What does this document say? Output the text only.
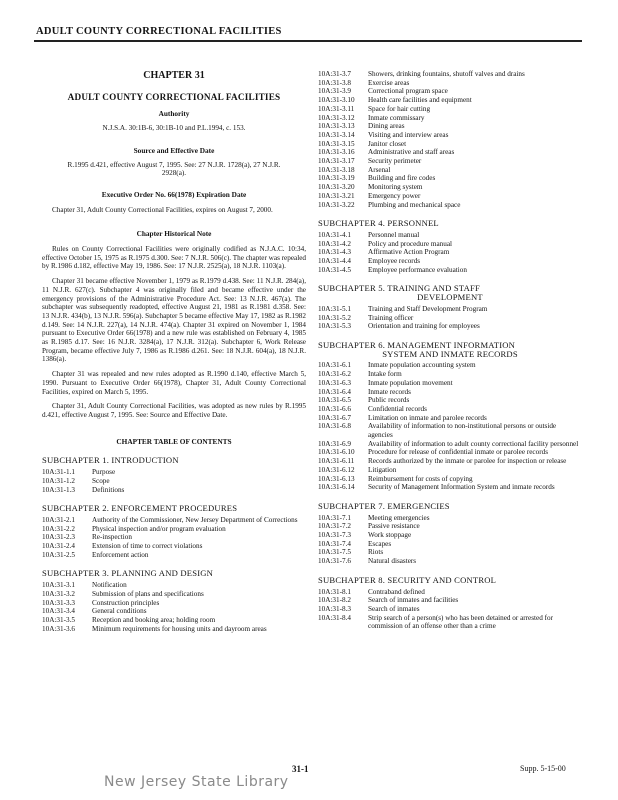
ADULT COUNTY CORRECTIONAL FACILITIES
CHAPTER 31
ADULT COUNTY CORRECTIONAL FACILITIES
Authority
N.J.S.A. 30:1B-6, 30:1B-10 and P.L.1994, c. 153.
Source and Effective Date
R.1995 d.421, effective August 7, 1995. See: 27 N.J.R. 1728(a), 27 N.J.R. 2928(a).
Executive Order No. 66(1978) Expiration Date
Chapter 31, Adult County Correctional Facilities, expires on August 7, 2000.
Chapter Historical Note
Rules on County Correctional Facilities were originally codified as N.J.A.C. 10:34, effective October 15, 1975 as R.1975 d.300. See: 7 N.J.R. 506(c). The chapter was repealed by R.1986 d.182, effective May 19, 1986. See: 17 N.J.R. 2525(a), 18 N.J.R. 1103(a).
Chapter 31 became effective November 1, 1979 as R.1979 d.438. See: 11 N.J.R. 284(a), 11 N.J.R. 627(c). Subchapter 4 was originally filed and became effective under the emergency provisions of the Administrative Procedure Act. See: 13 N.J.R. 467(a). The subchapter was subsequently readopted, effective August 21, 1981 as R.1981 d.358. See: 13 N.J.R. 434(b), 13 N.J.R. 596(a). Subchapter 5 became effective May 17, 1982 as R.1982 d.149. See: 14 N.J.R. 227(a), 14 N.J.R. 474(a). Chapter 31 expired on November 1, 1984 pursuant to Executive Order 66(1978) and a new rule was established on February 4, 1985 as R.1985 d.17. See: 16 N.J.R. 3284(a), 17 N.J.R. 312(a). Subchapter 6, Work Release Program, became effective July 7, 1986 as R.1986 d.261. See: 18 N.J.R. 604(a), 18 N.J.R. 1386(a).
Chapter 31 was repealed and new rules adopted as R.1990 d.140, effective March 5, 1990. Pursuant to Executive Order 66(1978), Chapter 31, Adult County Correctional Facilities, expired on March 5, 1995.
Chapter 31, Adult County Correctional Facilities, was adopted as new rules by R.1995 d.421, effective August 7, 1995. See: Source and Effective Date.
CHAPTER TABLE OF CONTENTS
SUBCHAPTER 1. INTRODUCTION
10A:31-1.1	Purpose
10A:31-1.2	Scope
10A:31-1.3	Definitions
SUBCHAPTER 2. ENFORCEMENT PROCEDURES
10A:31-2.1	Authority of the Commissioner, New Jersey Department of Corrections
10A:31-2.2	Physical inspection and/or program evaluation
10A:31-2.3	Re-inspection
10A:31-2.4	Extension of time to correct violations
10A:31-2.5	Enforcement action
SUBCHAPTER 3. PLANNING AND DESIGN
10A:31-3.1	Notification
10A:31-3.2	Submission of plans and specifications
10A:31-3.3	Construction principles
10A:31-3.4	General conditions
10A:31-3.5	Reception and booking area; holding room
10A:31-3.6	Minimum requirements for housing units and dayroom areas
10A:31-3.7	Showers, drinking fountains, shutoff valves and drains
10A:31-3.8	Exercise areas
10A:31-3.9	Correctional program space
10A:31-3.10	Health care facilities and equipment
10A:31-3.11	Space for hair cutting
10A:31-3.12	Inmate commissary
10A:31-3.13	Dining areas
10A:31-3.14	Visiting and interview areas
10A:31-3.15	Janitor closet
10A:31-3.16	Administrative and staff areas
10A:31-3.17	Security perimeter
10A:31-3.18	Arsenal
10A:31-3.19	Building and fire codes
10A:31-3.20	Monitoring system
10A:31-3.21	Emergency power
10A:31-3.22	Plumbing and mechanical space
SUBCHAPTER 4. PERSONNEL
10A:31-4.1	Personnel manual
10A:31-4.2	Policy and procedure manual
10A:31-4.3	Affirmative Action Program
10A:31-4.4	Employee records
10A:31-4.5	Employee performance evaluation
SUBCHAPTER 5. TRAINING AND STAFF
DEVELOPMENT
10A:31-5.1	Training and Staff Development Program
10A:31-5.2	Training officer
10A:31-5.3	Orientation and training for employees
SUBCHAPTER 6. MANAGEMENT INFORMATION
SYSTEM AND INMATE RECORDS
10A:31-6.1	Inmate population accounting system
10A:31-6.2	Intake form
10A:31-6.3	Inmate population movement
10A:31-6.4	Inmate records
10A:31-6.5	Public records
10A:31-6.6	Confidential records
10A:31-6.7	Limitation on inmate and parolee records
10A:31-6.8	Availability of information to non-institutional persons or outside agencies
10A:31-6.9	Availability of information to adult county correctional facility personnel
10A:31-6.10	Procedure for release of confidential inmate or parolee records
10A:31-6.11	Records authorized by the inmate or parolee for inspection or release
10A:31-6.12	Litigation
10A:31-6.13	Reimbursement for costs of copying
10A:31-6.14	Security of Management Information System and inmate records
SUBCHAPTER 7. EMERGENCIES
10A:31-7.1	Meeting emergencies
10A:31-7.2	Passive resistance
10A:31-7.3	Work stoppage
10A:31-7.4	Escapes
10A:31-7.5	Riots
10A:31-7.6	Natural disasters
SUBCHAPTER 8. SECURITY AND CONTROL
10A:31-8.1	Contraband defined
10A:31-8.2	Search of inmates and facilities
10A:31-8.3	Search of inmates
10A:31-8.4	Strip search of a person(s) who has been detained or arrested for commission of an offense other than a crime
31-1	Supp. 5-15-00
New Jersey State Library
